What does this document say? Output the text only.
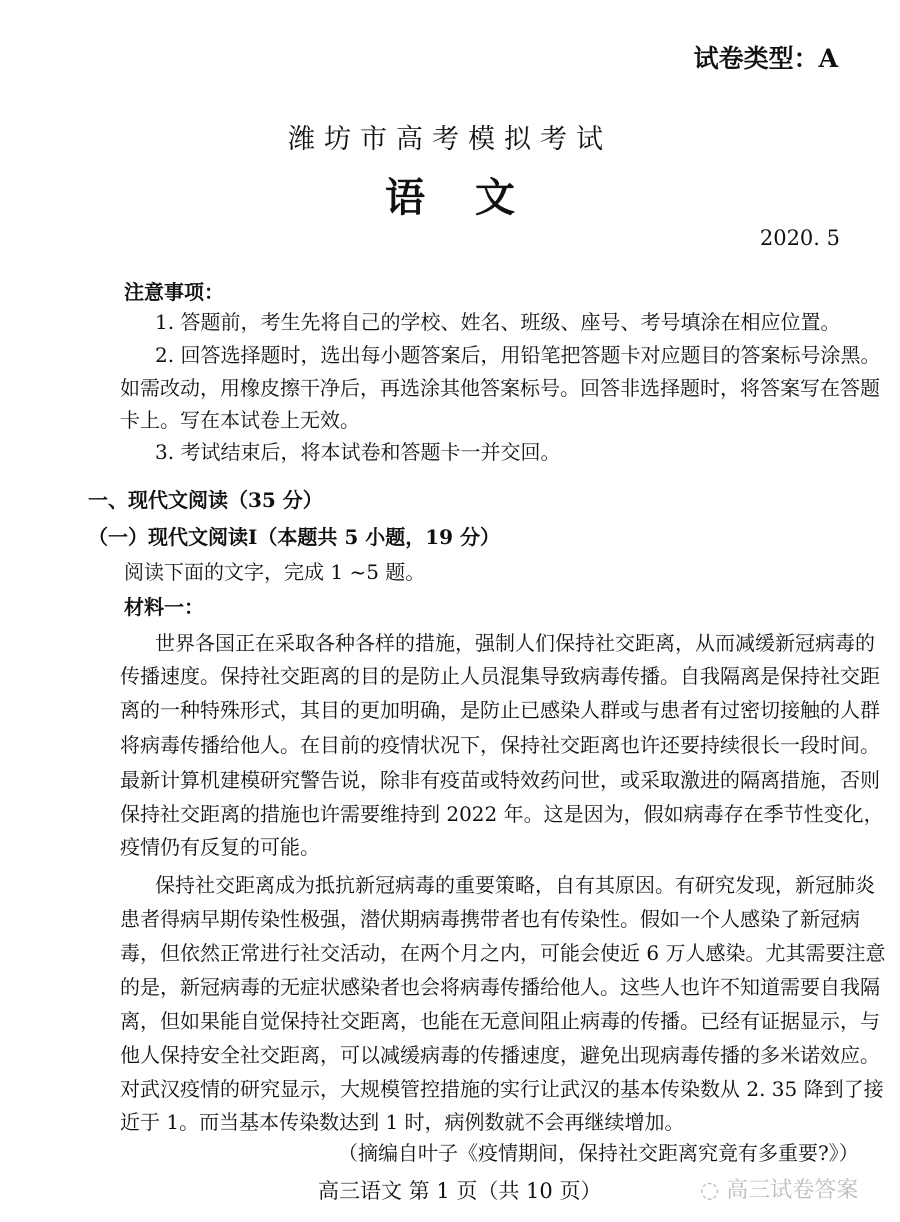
试卷类型：A
潍坊市高考模拟考试
语文
2020. 5
注意事项：
1. 答题前，考生先将自己的学校、姓名、班级、座号、考号填涂在相应位置。
2. 回答选择题时，选出每小题答案后，用铅笔把答题卡对应题目的答案标号涂黑。
如需改动，用橡皮擦干净后，再选涂其他答案标号。回答非选择题时，将答案写在答题
卡上。写在本试卷上无效。
3. 考试结束后，将本试卷和答题卡一并交回。
一、现代文阅读（35 分）
（一）现代文阅读Ⅰ（本题共 5 小题，19 分）
阅读下面的文字，完成 1 ~5 题。
材料一：
世界各国正在采取各种各样的措施，强制人们保持社交距离，从而减缓新冠病毒的
传播速度。保持社交距离的目的是防止人员混集导致病毒传播。自我隔离是保持社交距
离的一种特殊形式，其目的更加明确，是防止已感染人群或与患者有过密切接触的人群
将病毒传播给他人。在目前的疫情状况下，保持社交距离也许还要持续很长一段时间。
最新计算机建模研究警告说，除非有疫苗或特效药问世，或采取激进的隔离措施，否则
保持社交距离的措施也许需要维持到 2022 年。这是因为，假如病毒存在季节性变化，
疫情仍有反复的可能。
保持社交距离成为抵抗新冠病毒的重要策略，自有其原因。有研究发现，新冠肺炎
患者得病早期传染性极强，潜伏期病毒携带者也有传染性。假如一个人感染了新冠病
毒，但依然正常进行社交活动，在两个月之内，可能会使近 6 万人感染。尤其需要注意
的是，新冠病毒的无症状感染者也会将病毒传播给他人。这些人也许不知道需要自我隔
离，但如果能自觉保持社交距离，也能在无意间阻止病毒的传播。已经有证据显示，与
他人保持安全社交距离，可以减缓病毒的传播速度，避免出现病毒传播的多米诺效应。
对武汉疫情的研究显示，大规模管控措施的实行让武汉的基本传染数从 2. 35 降到了接
近于 1。而当基本传染数达到 1 时，病例数就不会再继续增加。
（摘编自叶子《疫情期间，保持社交距离究竟有多重要?》）
高三语文 第 1 页（共 10 页）	◌ 高三试卷答案
